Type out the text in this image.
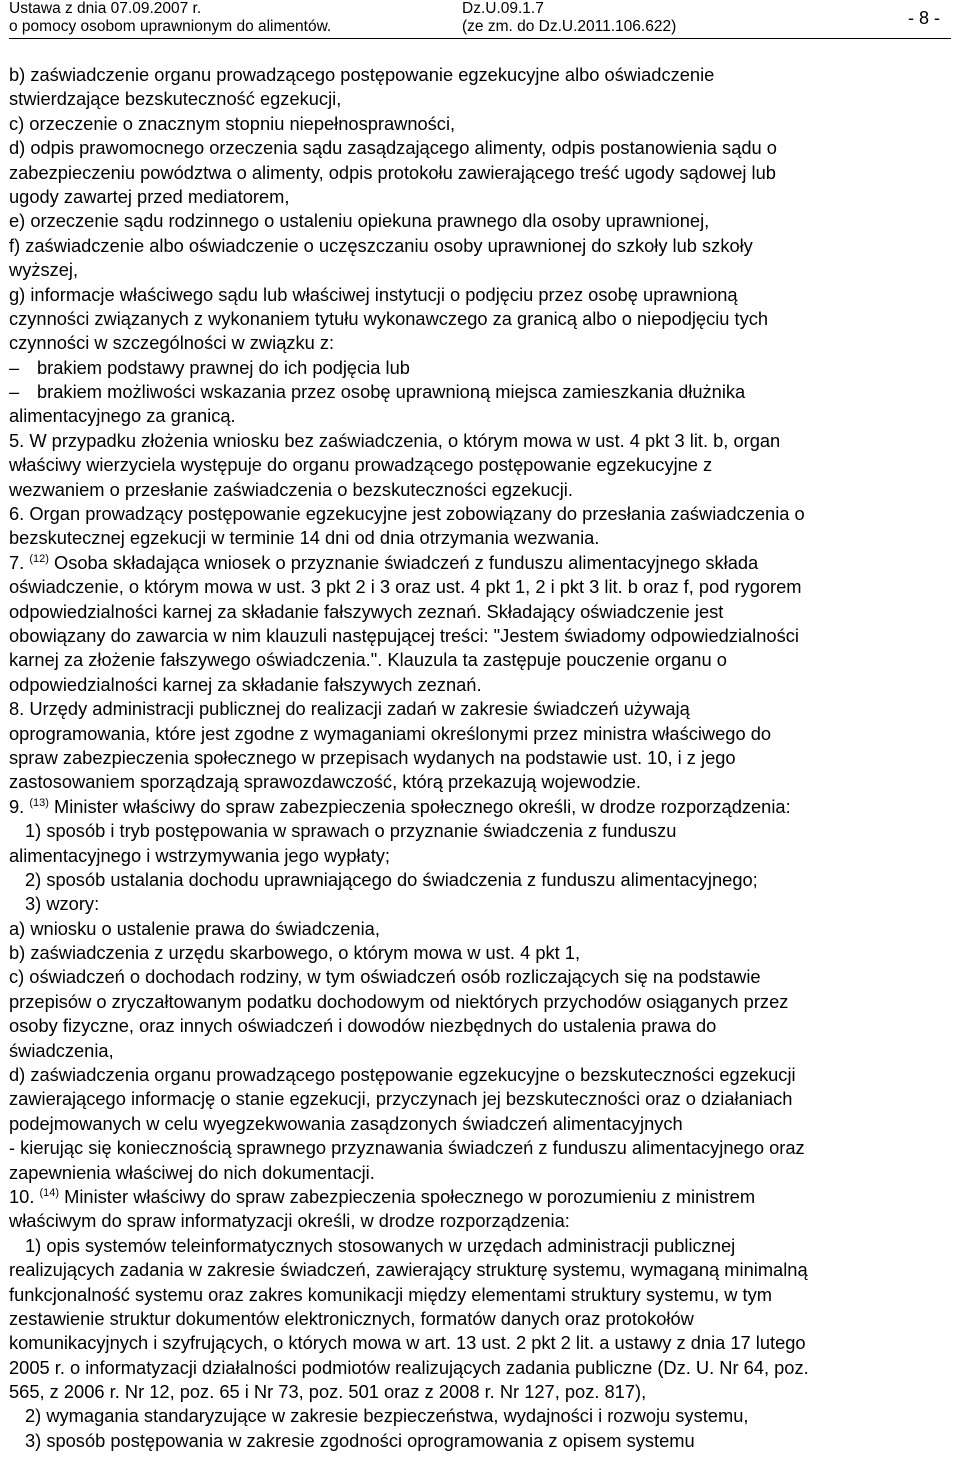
Ustawa z dnia 07.09.2007 r.
o pomocy osobom uprawnionym do alimentów.
Dz.U.09.1.7
(ze zm. do Dz.U.2011.106.622)	- 8 -
b) zaświadczenie organu prowadzącego postępowanie egzekucyjne albo oświadczenie
stwierdzające bezskuteczność egzekucji,
c) orzeczenie o znacznym stopniu niepełnosprawności,
d) odpis prawomocnego orzeczenia sądu zasądzającego alimenty, odpis postanowienia sądu o
zabezpieczeniu powództwa o alimenty, odpis protokołu zawierającego treść ugody sądowej lub
ugody zawartej przed mediatorem,
e) orzeczenie sądu rodzinnego o ustaleniu opiekuna prawnego dla osoby uprawnionej,
f) zaświadczenie albo oświadczenie o uczęszczaniu osoby uprawnionej do szkoły lub szkoły
wyższej,
g) informacje właściwego sądu lub właściwej instytucji o podjęciu przez osobę uprawnioną
czynności związanych z wykonaniem tytułu wykonawczego za granicą albo o niepodjęciu tych
czynności w szczególności w związku z:
– brakiem podstawy prawnej do ich podjęcia lub
– brakiem możliwości wskazania przez osobę uprawnioną miejsca zamieszkania dłużnika
alimentacyjnego za granicą.
5. W przypadku złożenia wniosku bez zaświadczenia, o którym mowa w ust. 4 pkt 3 lit. b, organ
właściwy wierzyciela występuje do organu prowadzącego postępowanie egzekucyjne z
wezwaniem o przesłanie zaświadczenia o bezskuteczności egzekucji.
6. Organ prowadzący postępowanie egzekucyjne jest zobowiązany do przesłania zaświadczenia o
bezskutecznej egzekucji w terminie 14 dni od dnia otrzymania wezwania.
7. $^{(12)}$ Osoba składająca wniosek o przyznanie świadczeń z funduszu alimentacyjnego składa
oświadczenie, o którym mowa w ust. 3 pkt 2 i 3 oraz ust. 4 pkt 1, 2 i pkt 3 lit. b oraz f, pod rygorem
odpowiedzialności karnej za składanie fałszywych zeznań. Składający oświadczenie jest
obowiązany do zawarcia w nim klauzuli następującej treści: "Jestem świadomy odpowiedzialności
karnej za złożenie fałszywego oświadczenia.". Klauzula ta zastępuje pouczenie organu o
odpowiedzialności karnej za składanie fałszywych zeznań.
8. Urzędy administracji publicznej do realizacji zadań w zakresie świadczeń używają
oprogramowania, które jest zgodne z wymaganiami określonymi przez ministra właściwego do
spraw zabezpieczenia społecznego w przepisach wydanych na podstawie ust. 10, i z jego
zastosowaniem sporządzają sprawozdawczość, którą przekazują wojewodzie.
9. $^{(13)}$ Minister właściwy do spraw zabezpieczenia społecznego określi, w drodze rozporządzenia:
1) sposób i tryb postępowania w sprawach o przyznanie świadczenia z funduszu
alimentacyjnego i wstrzymywania jego wypłaty;
2) sposób ustalania dochodu uprawniającego do świadczenia z funduszu alimentacyjnego;
3) wzory:
a) wniosku o ustalenie prawa do świadczenia,
b) zaświadczenia z urzędu skarbowego, o którym mowa w ust. 4 pkt 1,
c) oświadczeń o dochodach rodziny, w tym oświadczeń osób rozliczających się na podstawie
przepisów o zryczałtowanym podatku dochodowym od niektórych przychodów osiąganych przez
osoby fizyczne, oraz innych oświadczeń i dowodów niezbędnych do ustalenia prawa do
świadczenia,
d) zaświadczenia organu prowadzącego postępowanie egzekucyjne o bezskuteczności egzekucji
zawierającego informację o stanie egzekucji, przyczynach jej bezskuteczności oraz o działaniach
podejmowanych w celu wyegzekwowania zasądzonych świadczeń alimentacyjnych
- kierując się koniecznością sprawnego przyznawania świadczeń z funduszu alimentacyjnego oraz
zapewnienia właściwej do nich dokumentacji.
10. $^{(14)}$ Minister właściwy do spraw zabezpieczenia społecznego w porozumieniu z ministrem
właściwym do spraw informatyzacji określi, w drodze rozporządzenia:
1) opis systemów teleinformatycznych stosowanych w urzędach administracji publicznej
realizujących zadania w zakresie świadczeń, zawierający strukturę systemu, wymaganą minimalną
funkcjonalność systemu oraz zakres komunikacji między elementami struktury systemu, w tym
zestawienie struktur dokumentów elektronicznych, formatów danych oraz protokołów
komunikacyjnych i szyfrujących, o których mowa w art. 13 ust. 2 pkt 2 lit. a ustawy z dnia 17 lutego
2005 r. o informatyzacji działalności podmiotów realizujących zadania publiczne (Dz. U. Nr 64, poz.
565, z 2006 r. Nr 12, poz. 65 i Nr 73, poz. 501 oraz z 2008 r. Nr 127, poz. 817),
2) wymagania standaryzujące w zakresie bezpieczeństwa, wydajności i rozwoju systemu,
3) sposób postępowania w zakresie zgodności oprogramowania z opisem systemu
